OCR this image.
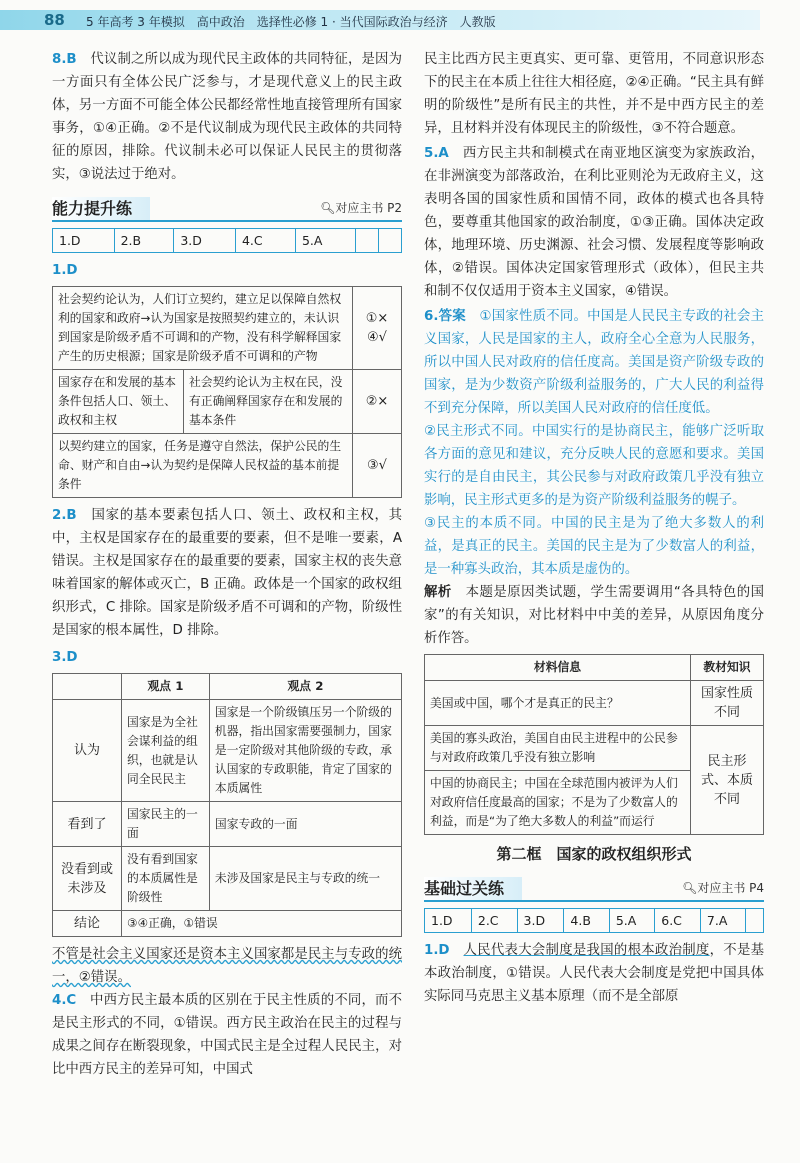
88 5 年高考 3 年模拟　高中政治　选择性必修 1 · 当代国际政治与经济　人教版

8.B　 代议制之所以成为现代民主政体的共同特征，是因为一方面只有全体公民广泛参与，才是现代意义上的民主政体，另一方面不可能全体公民都经常性地直接管理所有国家事务，①④正确。②不是代议制成为现代民主政体的共同特征的原因，排除。代议制未必可以保证人民民主的贯彻落实，③说法过于绝对。

能力提升练	🔍︎对应主书 P2
1.D	2.B	3.D	4.C	5.A		
1.D
社会契约论认为，人们订立契约，建立足以保障自然权利的国家和政府→认为国家是按照契约建立的，未认识到国家是阶级矛盾不可调和的产物，没有科学解释国家产生的历史根源；国家是阶级矛盾不可调和的产物		①×
④√
国家存在和发展的基本条件包括人口、领土、政权和主权	社会契约论认为主权在民，没有正确阐释国家存在和发展的基本条件	②×
以契约建立的国家，任务是遵守自然法，保护公民的生命、财产和自由→认为契约是保障人民权益的基本前提条件		③√

2.B　 国家的基本要素包括人口、领土、政权和主权，其中，主权是国家存在的最重要的要素，但不是唯一要素，A 错误。主权是国家存在的最重要的要素，国家主权的丧失意味着国家的解体或灭亡，B 正确。政体是一个国家的政权组织形式，C 排除。国家是阶级矛盾不可调和的产物，阶级性是国家的根本属性，D 排除。

3.D
	观点 1	观点 2
认为	国家是为全社会谋利益的组织，也就是认同全民民主	国家是一个阶级镇压另一个阶级的机器，指出国家需要强制力，国家是一定阶级对其他阶级的专政，承认国家的专政职能，肯定了国家的本质属性
看到了	国家民主的一面	国家专政的一面
没看到或未涉及	没有看到国家的本质属性是阶级性	未涉及国家是民主与专政的统一
结论	③④正确，①错误	

不管是社会主义国家还是资本主义国家都是民主与专政的统一，②错误。

4.C　 中西方民主最本质的区别在于民主性质的不同，而不是民主形式的不同，①错误。西方民主政治在民主的过程与成果之间存在断裂现象，中国式民主是全过程人民民主，对比中西方民主的差异可知，中国式

民主比西方民主更真实、更可靠、更管用，不同意识形态下的民主在本质上往往大相径庭，②④正确。“民主具有鲜明的阶级性”是所有民主的共性，并不是中西方民主的差异，且材料并没有体现民主的阶级性，③不符合题意。

5.A　 西方民主共和制模式在南亚地区演变为家族政治，在非洲演变为部落政治，在利比亚则沦为无政府主义，这表明各国的国家性质和国情不同，政体的模式也各具特色，要尊重其他国家的政治制度，①③正确。国体决定政体，地理环境、历史渊源、社会习惯、发展程度等影响政体，②错误。国体决定国家管理形式（政体），但民主共和制不仅仅适用于资本主义国家，④错误。

6.答案　 ①国家性质不同。中国是人民民主专政的社会主义国家，人民是国家的主人，政府全心全意为人民服务，所以中国人民对政府的信任度高。美国是资产阶级专政的国家，是为少数资产阶级利益服务的，广大人民的利益得不到充分保障，所以美国人民对政府的信任度低。

②民主形式不同。中国实行的是协商民主，能够广泛听取各方面的意见和建议，充分反映人民的意愿和要求。美国实行的是自由民主，其公民参与对政府政策几乎没有独立影响，民主形式更多的是为资产阶级利益服务的幌子。

③民主的本质不同。中国的民主是为了绝大多数人的利益，是真正的民主。美国的民主是为了少数富人的利益，是一种寡头政治，其本质是虚伪的。

解析　 本题是原因类试题，学生需要调用“各具特色的国家”的有关知识，对比材料中中美的差异，从原因角度分析作答。

材料信息	教材知识
美国或中国，哪个才是真正的民主？	国家性质不同
美国的寡头政治，美国自由民主进程中的公民参与对政府政策几乎没有独立影响	民主形式、本质不同
中国的协商民主；中国在全球范围内被评为人们对政府信任度最高的国家；不是为了少数富人的利益，而是“为了绝大多数人的利益”而运行	
第二框　国家的政权组织形式
基础过关练	🔍︎对应主书 P4
1.D	2.C	3.D	4.B	5.A	6.C	7.A	

1.D　 人民代表大会制度是我国的根本政治制度，不是基本政治制度，①错误。人民代表大会制度是党把中国具体实际同马克思主义基本原理（而不是全部原
